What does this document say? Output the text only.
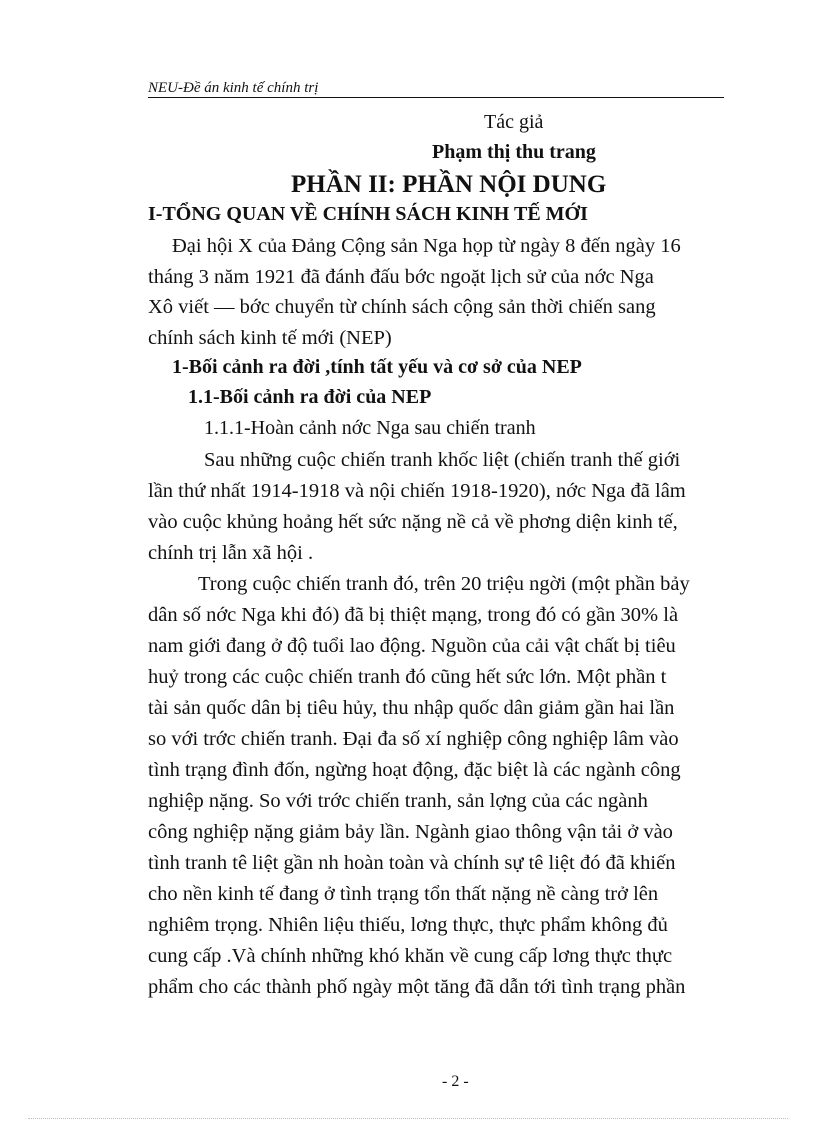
NEU-Đề án kinh tế chính trị
Tác giả
Phạm thị thu trang
PHẦN II: PHẦN NỘI DUNG
I-TỔNG QUAN VỀ CHÍNH SÁCH KINH TẾ MỚI
Đại hội X của Đảng Cộng sản Nga họp từ ngày 8 đến ngày 16
tháng 3 năm 1921 đã đánh đấu bớc ngoặt lịch sử của nớc Nga
Xô viết — bớc chuyển từ chính sách cộng sản thời chiến sang
chính sách kinh tế mới (NEP)
1-Bối cảnh ra đời ,tính tất yếu và cơ sở của NEP
1.1-Bối cảnh ra đời của NEP
1.1.1-Hoàn cảnh nớc Nga sau chiến tranh
Sau những cuộc chiến tranh khốc liệt (chiến tranh thế giới
lần thứ nhất 1914-1918 và nội chiến 1918-1920), nớc Nga đã lâm
vào cuộc khủng hoảng hết sức nặng nề cả về phơng diện kinh tế,
chính trị lẫn xã hội .
Trong cuộc chiến tranh đó, trên 20 triệu ngời (một phần bảy
dân số nớc Nga khi đó) đã bị thiệt mạng, trong đó có gần 30% là
nam giới đang ở độ tuổi lao động. Nguồn của cải vật chất bị tiêu
huỷ trong các cuộc chiến tranh đó cũng hết sức lớn. Một phần t
tài sản quốc dân bị tiêu hủy, thu nhập quốc dân giảm gần hai lần
so với trớc chiến tranh. Đại đa số xí nghiệp công nghiệp lâm vào
tình trạng đình đốn, ngừng hoạt động, đặc biệt là các ngành công
nghiệp nặng. So với trớc chiến tranh, sản lợng của các ngành
công nghiệp nặng giảm bảy lần. Ngành giao thông vận tải ở vào
tình tranh tê liệt gần nh hoàn toàn và chính sự tê liệt đó đã khiến
cho nền kinh tế đang ở tình trạng tổn thất nặng nề càng trở lên
nghiêm trọng. Nhiên liệu thiếu, lơng thực, thực phẩm không đủ
cung cấp .Và chính những khó khăn về cung cấp lơng thực thực
phẩm cho các thành phố ngày một tăng đã dẫn tới tình trạng phần
- 2 -
